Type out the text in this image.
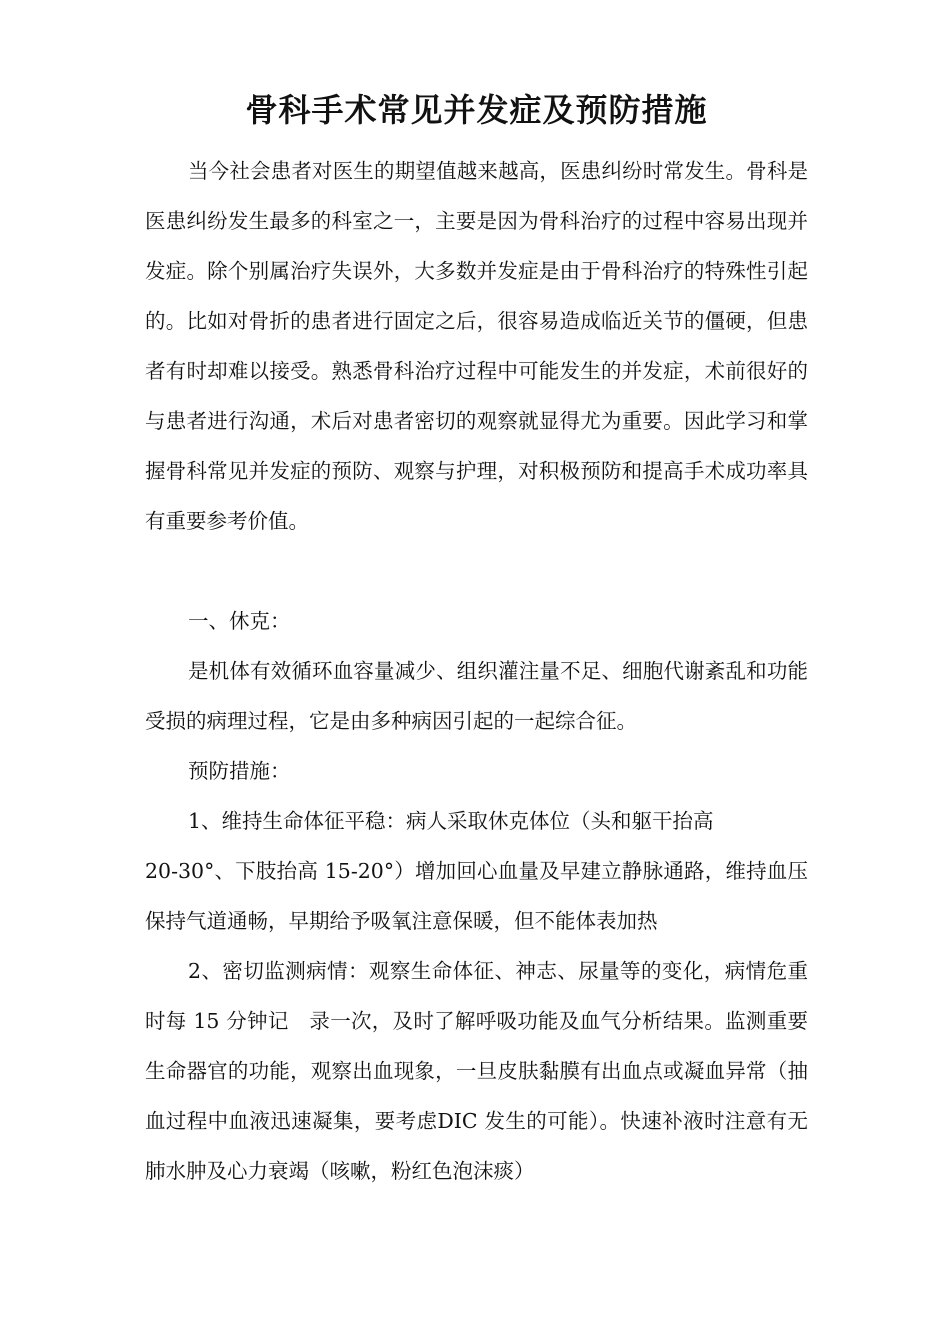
骨科手术常见并发症及预防措施

当今社会患者对医生的期望值越来越高，医患纠纷时常发生。骨科是医患纠纷发生最多的科室之一，主要是因为骨科治疗的过程中容易出现并发症。除个别属治疗失误外，大多数并发症是由于骨科治疗的特殊性引起的。比如对骨折的患者进行固定之后，很容易造成临近关节的僵硬，但患者有时却难以接受。熟悉骨科治疗过程中可能发生的并发症，术前很好的与患者进行沟通，术后对患者密切的观察就显得尤为重要。因此学习和掌握骨科常见并发症的预防、观察与护理，对积极预防和提高手术成功率具有重要参考价值。

一、休克：

是机体有效循环血容量减少、组织灌注量不足、细胞代谢紊乱和功能受损的病理过程，它是由多种病因引起的一起综合征。

预防措施：

1、维持生命体征平稳：病人采取休克体位（头和躯干抬高
20-30°、下肢抬高 15-20°）增加回心血量及早建立静脉通路，维持血压保持气道通畅，早期给予吸氧注意保暖，但不能体表加热

2、密切监测病情：观察生命体征、神志、尿量等的变化，病情危重时每 15 分钟记　录一次，及时了解呼吸功能及血气分析结果。监测重要生命器官的功能，观察出血现象，一旦皮肤黏膜有出血点或凝血异常（抽血过程中血液迅速凝集，要考虑DIC 发生的可能）。快速补液时注意有无肺水肿及心力衰竭（咳嗽，粉红色泡沫痰）
